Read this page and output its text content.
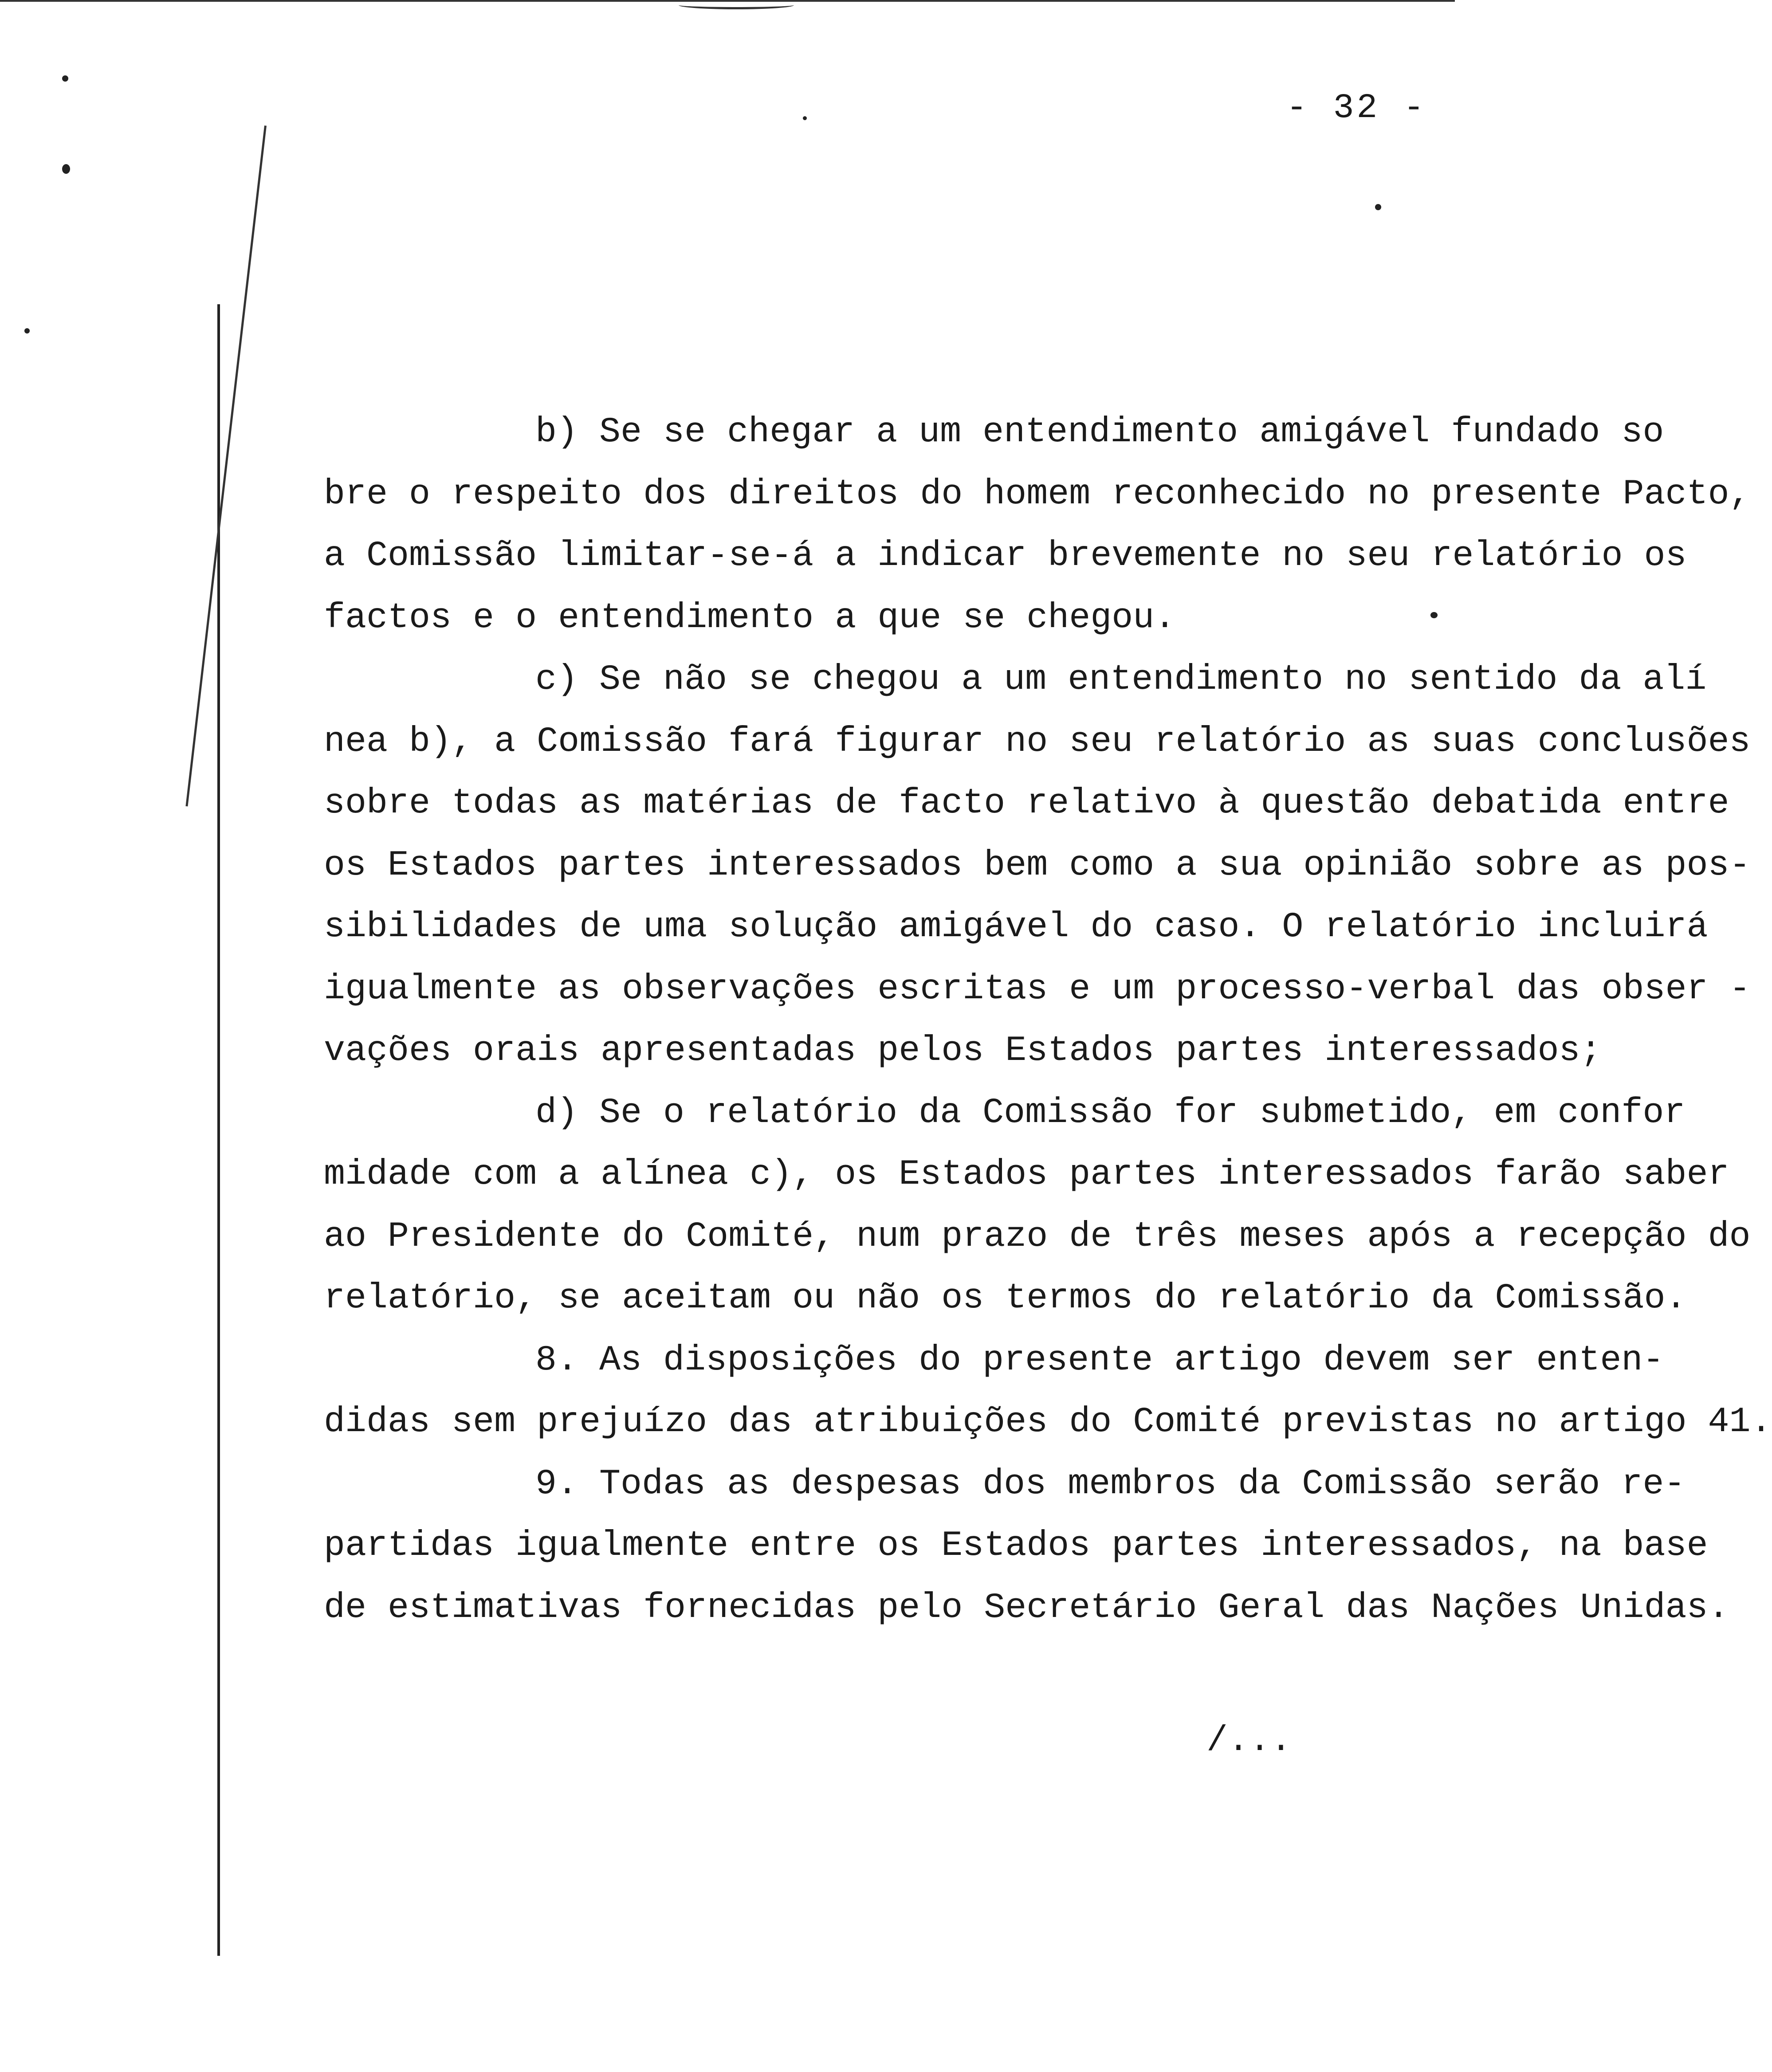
- 32 -
b) Se se chegar a um entendimento amigável fundado so
bre o respeito dos direitos do homem reconhecido no presente Pacto,
a Comissão limitar-se-á a indicar brevemente no seu relatório os
factos e o entendimento a que se chegou.
c) Se não se chegou a um entendimento no sentido da alí
nea b), a Comissão fará figurar no seu relatório as suas conclusões
sobre todas as matérias de facto relativo à questão debatida entre
os Estados partes interessados bem como a sua opinião sobre as pos-
sibilidades de uma solução amigável do caso. O relatório incluirá
igualmente as observações escritas e um processo-verbal das obser -
vações orais apresentadas pelos Estados partes interessados;
d) Se o relatório da Comissão for submetido, em confor
midade com a alínea c), os Estados partes interessados farão saber
ao Presidente do Comité, num prazo de três meses após a recepção do
relatório, se aceitam ou não os termos do relatório da Comissão.
8. As disposições do presente artigo devem ser enten-
didas sem prejuízo das atribuições do Comité previstas no artigo 41.
9. Todas as despesas dos membros da Comissão serão re-
partidas igualmente entre os Estados partes interessados, na base
de estimativas fornecidas pelo Secretário Geral das Nações Unidas.
/...
